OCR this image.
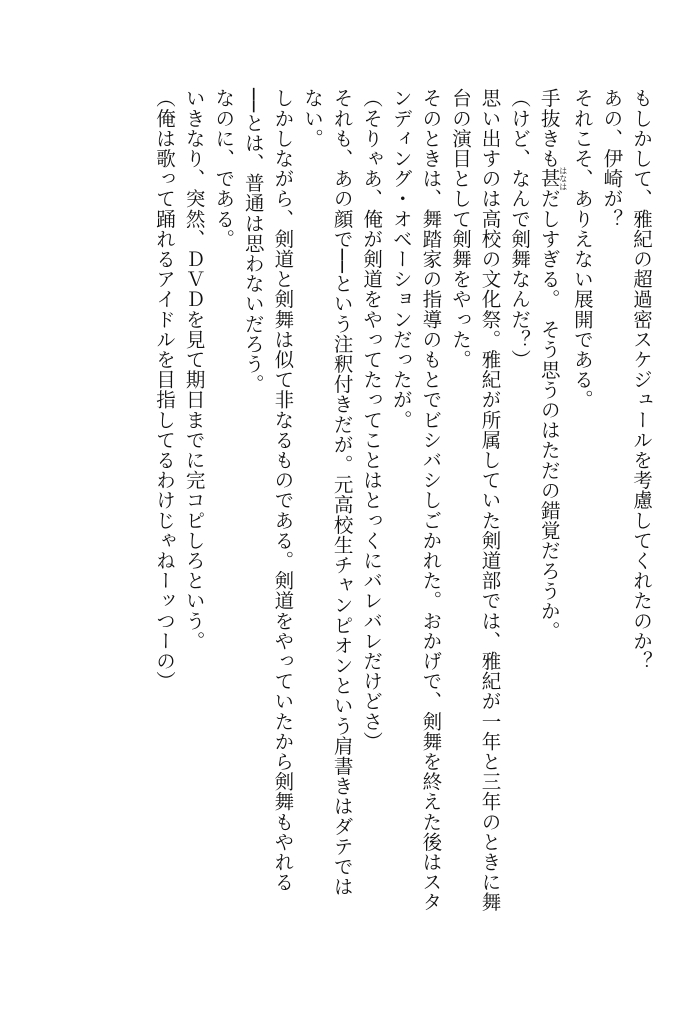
もしかして、雅紀の超過密スケジュールを考慮してくれたのか？
あの、伊崎が？
それこそ、ありえない展開である。
手抜きも甚はなはだしすぎる。　そう思うのはただの錯覚だろうか。
（けど、なんで剣舞なんだ？）
思い出すのは高校の文化祭。雅紀が所属していた剣道部では、雅紀が一年と三年のときに舞
台の演目として剣舞をやった。
そのときは、舞踏家の指導のもとでビシバシしごかれた。おかげで、剣舞を終えた後はスタ
ンディング・オベーションだったが。
（そりゃあ、俺が剣道をやってたってことはとっくにバレバレだけどさ）
それも、あの顔で──という注釈付きだが。元高校生チャンピオンという肩書きはダテでは
ない。
しかしながら、剣道と剣舞は似て非なるものである。剣道をやっていたから剣舞もやれる
──とは、普通は思わないだろう。
なのに、である。
いきなり、突然、ＤＶＤを見て期日までに完コピしろという。
（俺は歌って踊れるアイドルを目指してるわけじゃねーッつーの）
